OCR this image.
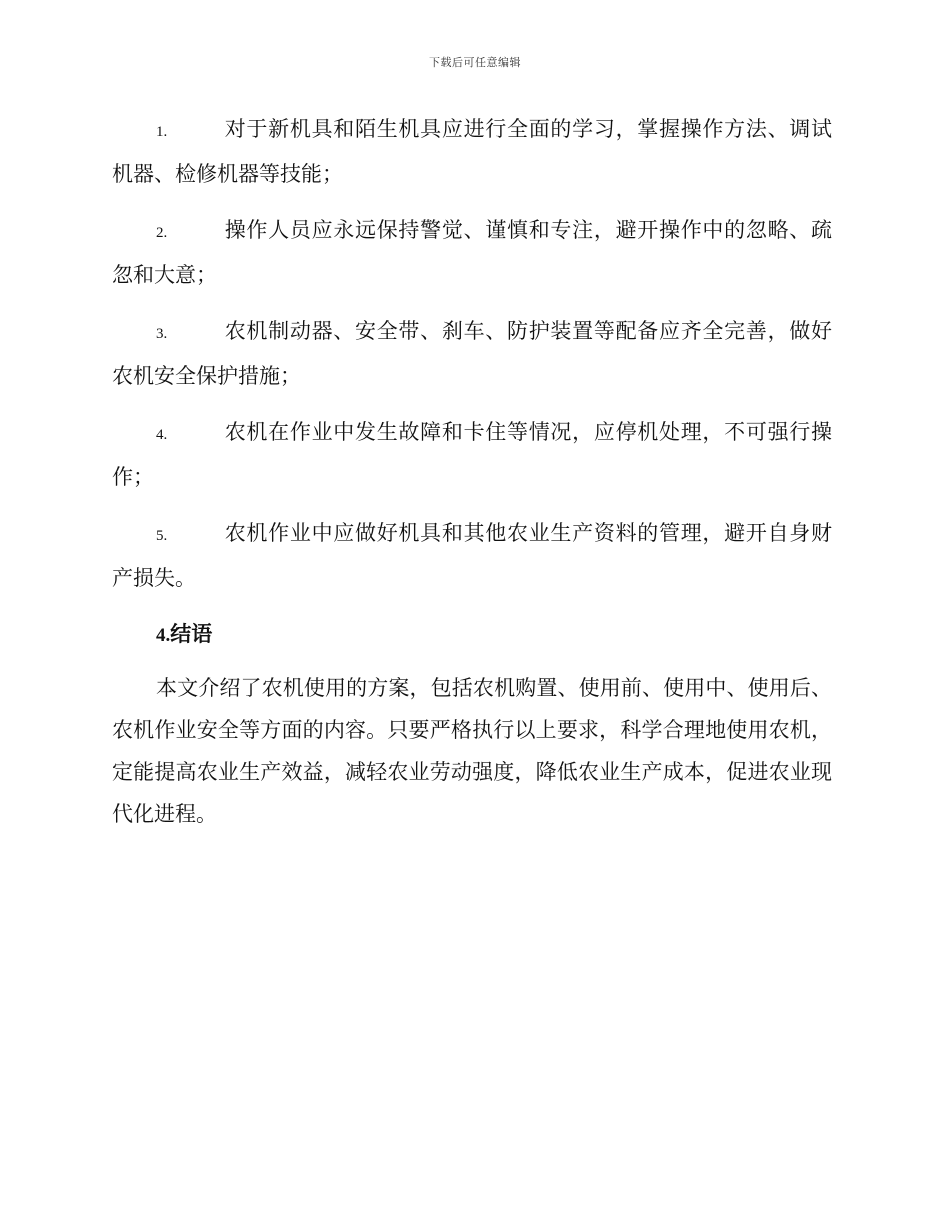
下载后可任意编辑

1.	对于新机具和陌生机具应进行全面的学习，掌握操作方法、调试机器、检修机器等技能；

2.	操作人员应永远保持警觉、谨慎和专注，避开操作中的忽略、疏忽和大意；

3.	农机制动器、安全带、刹车、防护装置等配备应齐全完善，做好农机安全保护措施；

4.	农机在作业中发生故障和卡住等情况，应停机处理，不可强行操作；

5.	农机作业中应做好机具和其他农业生产资料的管理，避开自身财产损失。

4.结语

本文介绍了农机使用的方案，包括农机购置、使用前、使用中、使用后、农机作业安全等方面的内容。只要严格执行以上要求，科学合理地使用农机，定能提高农业生产效益，减轻农业劳动强度，降低农业生产成本，促进农业现代化进程。
